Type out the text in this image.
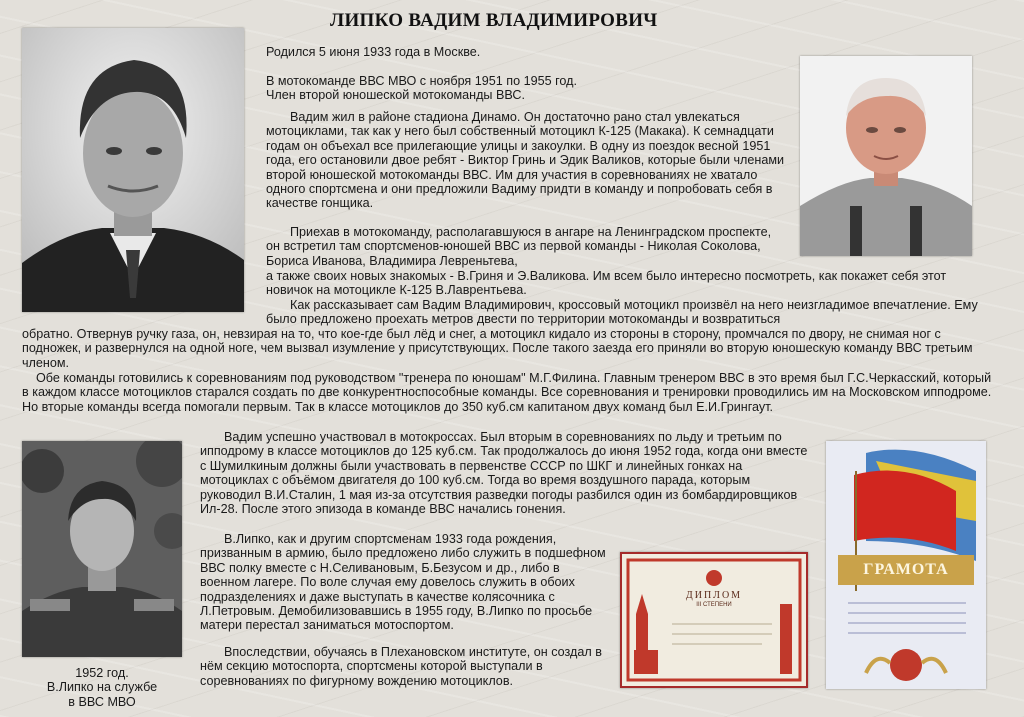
ЛИПКО ВАДИМ ВЛАДИМИРОВИЧ
ДИПЛОМ
III СТЕПЕНИ
ГРАМОТА

Родился 5 июня 1933 года в Москве.

В мотокоманде ВВС МВО с ноября 1951 по 1955 год.

Член второй юношеской мотокоманды ВВС.

Вадим жил в районе стадиона Динамо. Он достаточно рано стал увлекаться мотоциклами, так как у него был собственный мотоцикл К-125 (Макака). К семнадцати годам он объехал все прилегающие улицы и закоулки. В одну из поездок весной 1951 года, его остановили двое ребят - Виктор Гринь и Эдик Валиков, которые были членами второй юношеской мотокоманды ВВС. Им для участия в соревнованиях не хватало одного спортсмена и они предложили Вадиму придти в команду и попробовать себя в качестве гонщика.

Приехав в мотокоманду, располагавшуюся в ангаре на Ленинградском проспекте, он встретил там спортсменов-юношей ВВС из первой команды - Николая Соколова, Бориса Иванова, Владимира Левреньтева,

а также своих новых знакомых - В.Гриня и Э.Валикова. Им всем было интересно посмотреть, как покажет себя этот новичок на мотоцикле К-125 В.Лаврентьева.

Как рассказывает сам Вадим Владимирович, кроссовый мотоцикл произвёл на него неизгладимое впечатление. Ему было предложено проехать метров двести по территории мотокоманды и возвратиться

обратно. Отвернув ручку газа, он, невзирая на то, что кое-где был лёд и снег, а мотоцикл кидало из стороны в сторону, промчался по двору, не снимая ног с подножек, и развернулся на одной ноге, чем вызвал изумление у присутствующих. После такого заезда его приняли во вторую юношескую команду ВВС третьим членом.

Обе команды готовились к соревнованиям под руководством "тренера по юношам" М.Г.Филина. Главным тренером ВВС в это время был Г.С.Черкасский, который в каждом классе мотоциклов старался создать по две конкурентноспособные команды. Все соревнования и тренировки проводились им на Московском ипподроме. Но вторые команды всегда помогали первым. Так в классе мотоциклов до 350 куб.см капитаном двух команд был Е.И.Грингаут.

Вадим успешно участвовал в мотокроссах. Был вторым в соревнованиях по льду и третьим по ипподрому в классе мотоциклов до 125 куб.см. Так продолжалось до июня 1952 года, когда они вместе с Шумилкиным должны были участвовать в первенстве СССР по ШКГ и линейных гонках на мотоциклах с объёмом двигателя до 100 куб.см. Тогда во время воздушного парада, которым руководил В.И.Сталин, 1 мая из-за отсутствия разведки погоды разбился один из бомбардировщиков Ил-28. После этого эпизода в команде ВВС начались гонения.

В.Липко, как и другим спортсменам 1933 года рождения, призванным в армию, было предложено либо служить в подшефном ВВС полку вместе с Н.Селивановым, Б.Безусом и др., либо в военном лагере. По воле случая ему довелось служить в обоих подразделениях и даже выступать в качестве колясочника с Л.Петровым. Демобилизовавшись в 1955 году, В.Липко по просьбе матери перестал заниматься мотоспортом.

Впоследствии, обучаясь в Плехановском институте, он создал в нём секцию мотоспорта, спортсмены которой выступали в соревнованиях по фигурному вождению мотоциклов.

1952 год.
В.Липко на службе
в ВВС МВО
